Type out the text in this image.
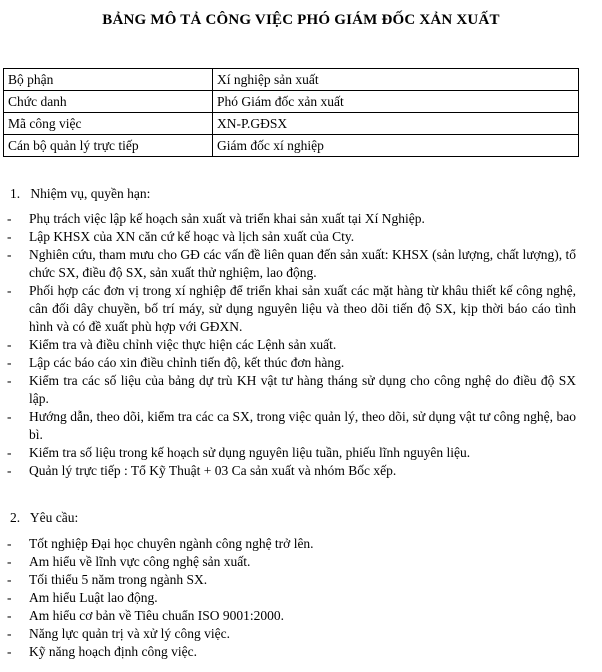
BẢNG MÔ TẢ CÔNG VIỆC PHÓ GIÁM ĐỐC XẢN XUẤT
Bộ phận	Xí nghiệp sản xuất
Chức danh	Phó Giám đốc xản xuất
Mã công việc	XN-P.GĐSX
Cán bộ quản lý trực tiếp	Giám đốc xí nghiệp
1. Nhiệm vụ, quyền hạn:
- Phụ trách việc lập kế hoạch sản xuất và triển khai sản xuất tại Xí Nghiệp.
- Lập KHSX của XN căn cứ kế hoạc và lịch sản xuất của Cty.
- Nghiên cứu, tham mưu cho GĐ các vấn đề liên quan đến sản xuất: KHSX (sản lượng, chất lượng), tổ chức SX, điều độ SX, sản xuất thử nghiệm, lao động.
- Phối hợp các đơn vị trong xí nghiệp để triển khai sản xuất các mặt hàng từ khâu thiết kế công nghệ, cân đối dây chuyền, bố trí máy, sử dụng nguyên liệu và theo dõi tiến độ SX, kịp thời báo cáo tình hình và có đề xuất phù hợp với GĐXN.
- Kiểm tra và điều chỉnh việc thực hiện các Lệnh sản xuất.
- Lập các báo cáo xin điều chỉnh tiến độ, kết thúc đơn hàng.
- Kiểm tra các số liệu của bảng dự trù KH vật tư hàng tháng sử dụng cho công nghệ do điều độ SX lập.
- Hướng dẫn, theo dõi, kiểm tra các ca SX, trong việc quản lý, theo dõi, sử dụng vật tư công nghệ, bao bì.
- Kiểm tra số liệu trong kế hoạch sử dụng nguyên liệu tuần, phiếu lĩnh nguyên liệu.
- Quản lý trực tiếp : Tổ Kỹ Thuật + 03 Ca sản xuất và nhóm Bốc xếp.
2. Yêu cầu:
- Tốt nghiệp Đại học chuyên ngành công nghệ trở lên.
- Am hiểu về lĩnh vực công nghệ sản xuất.
- Tối thiểu 5 năm trong ngành SX.
- Am hiểu Luật lao động.
- Am hiểu cơ bản về Tiêu chuẩn ISO 9001:2000.
- Năng lực quản trị và xử lý công việc.
- Kỹ năng hoạch định công việc.
